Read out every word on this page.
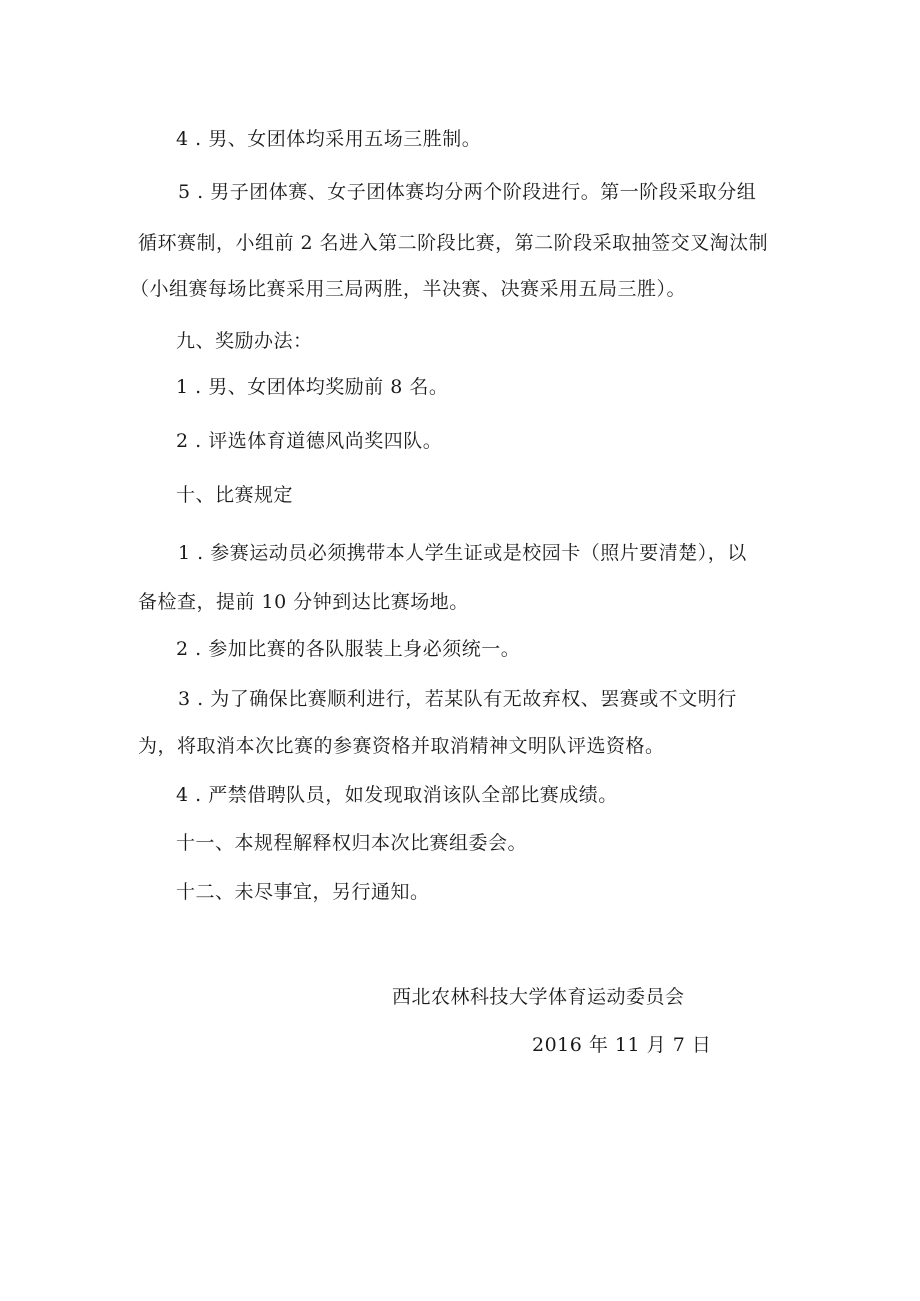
4 . 男、女团体均采用五场三胜制。
5 . 男子团体赛、女子团体赛均分两个阶段进行。第一阶段采取分组
循环赛制，小组前 2 名进入第二阶段比赛，第二阶段采取抽签交叉淘汰制
（小组赛每场比赛采用三局两胜，半决赛、决赛采用五局三胜）。
九、奖励办法：
1 . 男、女团体均奖励前 8 名。
2 . 评选体育道德风尚奖四队。
十、比赛规定
1 . 参赛运动员必须携带本人学生证或是校园卡（照片要清楚），以
备检查，提前 10 分钟到达比赛场地。
2 . 参加比赛的各队服装上身必须统一。
3 . 为了确保比赛顺利进行，若某队有无故弃权、罢赛或不文明行
为，将取消本次比赛的参赛资格并取消精神文明队评选资格。
4 . 严禁借聘队员，如发现取消该队全部比赛成绩。
十一、本规程解释权归本次比赛组委会。
十二、未尽事宜，另行通知。
西北农林科技大学体育运动委员会
2016 年 11 月 7 日
